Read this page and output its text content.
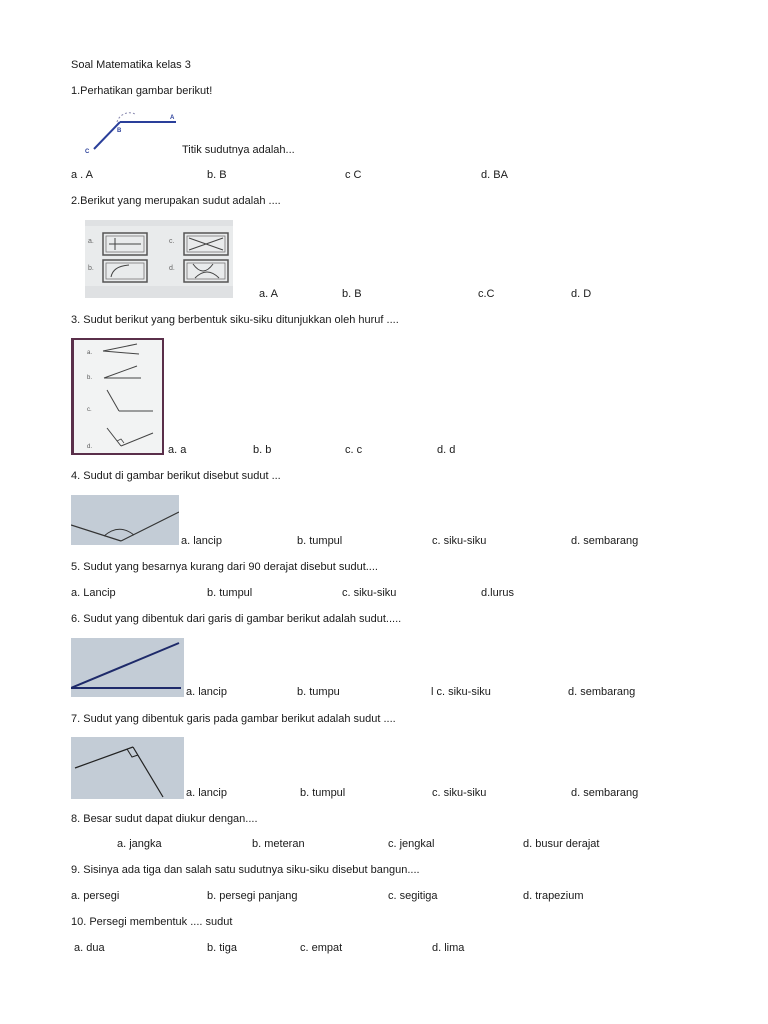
Soal Matematika kelas 3
1.Perhatikan gambar berikut!
A
B
C	Titik sudutnya adalah...
a . A	b. B	c C	d. BA
2.Berikut yang merupakan sudut adalah ....
a.	c.
b.	d.
a. A	b. B	c.C	d. D
3. Sudut berikut yang berbentuk siku-siku ditunjukkan oleh huruf ....
a.
b.
c.
d.	a. a	b. b	c. c	d. d
4. Sudut di gambar berikut disebut sudut ...
a. lancip	b. tumpul	c. siku-siku	d. sembarang
5. Sudut yang besarnya kurang dari 90 derajat disebut sudut....
a. Lancip	b. tumpul	c. siku-siku	d.lurus
6. Sudut yang dibentuk dari garis di gambar berikut adalah sudut.....
a. lancip	b. tumpu	l c. siku-siku	d. sembarang
7. Sudut yang dibentuk garis pada gambar berikut adalah sudut ....
a. lancip	b. tumpul	c. siku-siku	d. sembarang
8. Besar sudut dapat diukur dengan....
a. jangka	b. meteran	c. jengkal	d. busur derajat
9. Sisinya ada tiga dan salah satu sudutnya siku-siku disebut bangun....
a. persegi	b. persegi panjang	c. segitiga	d. trapezium
10. Persegi membentuk .... sudut
a. dua	b. tiga	c. empat	d. lima
